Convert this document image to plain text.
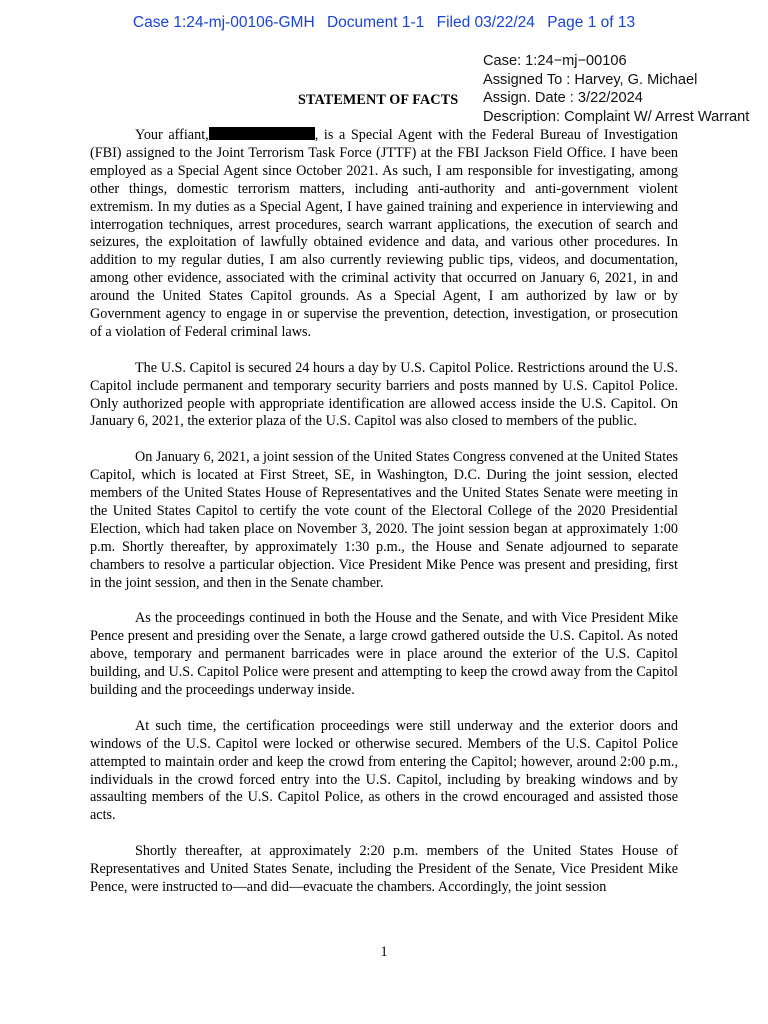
Case 1:24-mj-00106-GMH Document 1-1 Filed 03/22/24 Page 1 of 13
Case: 1:24−mj−00106
Assigned To : Harvey, G. Michael
Assign. Date : 3/22/2024
Description: Complaint W/ Arrest Warrant
STATEMENT OF FACTS

Your affiant,	, is a Special Agent with the Federal Bureau of Investigation (FBI) assigned to the Joint Terrorism Task Force (JTTF) at the FBI Jackson Field Office. I have been employed as a Special Agent since October 2021. As such, I am responsible for investigating, among other things, domestic terrorism matters, including anti-authority and anti-government violent extremism. In my duties as a Special Agent, I have gained training and experience in interviewing and interrogation techniques, arrest procedures, search warrant applications, the execution of search and seizures, the exploitation of lawfully obtained evidence and data, and various other procedures. In addition to my regular duties, I am also currently reviewing public tips, videos, and documentation, among other evidence, associated with the criminal activity that occurred on January 6, 2021, in and around the United States Capitol grounds. As a Special Agent, I am authorized by law or by Government agency to engage in or supervise the prevention, detection, investigation, or prosecution of a violation of Federal criminal laws.

The U.S. Capitol is secured 24 hours a day by U.S. Capitol Police. Restrictions around the U.S. Capitol include permanent and temporary security barriers and posts manned by U.S. Capitol Police. Only authorized people with appropriate identification are allowed access inside the U.S. Capitol. On January 6, 2021, the exterior plaza of the U.S. Capitol was also closed to members of the public.

On January 6, 2021, a joint session of the United States Congress convened at the United States Capitol, which is located at First Street, SE, in Washington, D.C. During the joint session, elected members of the United States House of Representatives and the United States Senate were meeting in the United States Capitol to certify the vote count of the Electoral College of the 2020 Presidential Election, which had taken place on November 3, 2020. The joint session began at approximately 1:00 p.m. Shortly thereafter, by approximately 1:30 p.m., the House and Senate adjourned to separate chambers to resolve a particular objection. Vice President Mike Pence was present and presiding, first in the joint session, and then in the Senate chamber.

As the proceedings continued in both the House and the Senate, and with Vice President Mike Pence present and presiding over the Senate, a large crowd gathered outside the U.S. Capitol. As noted above, temporary and permanent barricades were in place around the exterior of the U.S. Capitol building, and U.S. Capitol Police were present and attempting to keep the crowd away from the Capitol building and the proceedings underway inside.

At such time, the certification proceedings were still underway and the exterior doors and windows of the U.S. Capitol were locked or otherwise secured. Members of the U.S. Capitol Police attempted to maintain order and keep the crowd from entering the Capitol; however, around 2:00 p.m., individuals in the crowd forced entry into the U.S. Capitol, including by breaking windows and by assaulting members of the U.S. Capitol Police, as others in the crowd encouraged and assisted those acts.

Shortly thereafter, at approximately 2:20 p.m. members of the United States House of Representatives and United States Senate, including the President of the Senate, Vice President Mike Pence, were instructed to—and did—evacuate the chambers. Accordingly, the joint session

1
